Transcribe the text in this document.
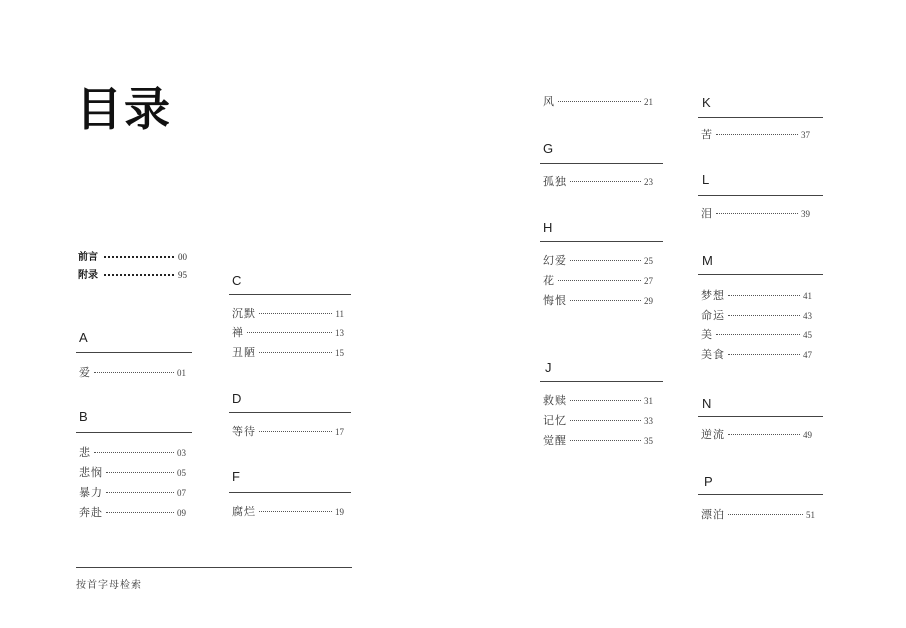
目录
前言	00
附录	95
A
爱	01
B
悲	03
悲悯	05
暴力	07
奔赴	09
C
沉默	11
禅	13
丑陋	15
D
等待	17
F
腐烂	19
风	21
G
孤独	23
H
幻爱	25
花	27
悔恨	29
J
救赎	31
记忆	33
觉醒	35
K
苦	37
L
泪	39
M
梦想	41
命运	43
美	45
美食	47
N
逆流	49
P
漂泊	51
按首字母检索
